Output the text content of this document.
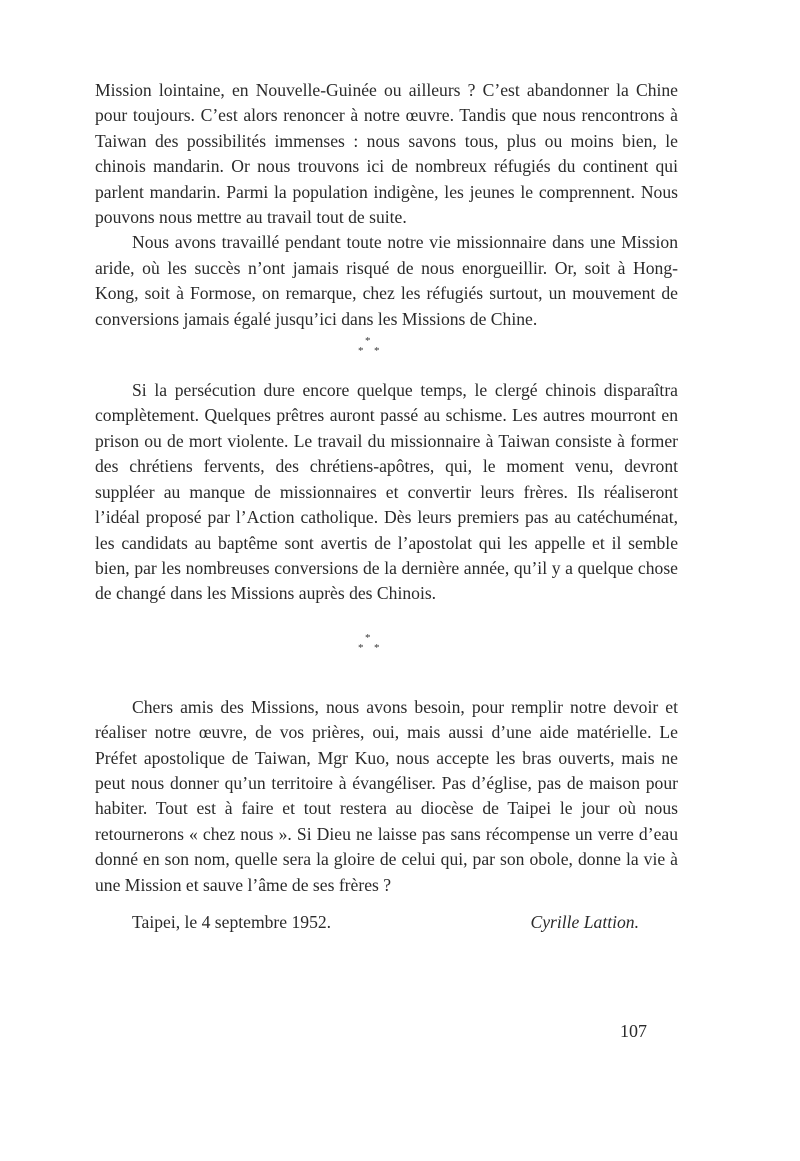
Mission lointaine, en Nouvelle-Guinée ou ailleurs ? C’est abandonner la Chine pour toujours. C’est alors renoncer à notre œuvre. Tandis que nous rencontrons à Taiwan des possibilités immenses : nous savons tous, plus ou moins bien, le chinois mandarin. Or nous trouvons ici de nombreux réfugiés du continent qui parlent mandarin. Parmi la population indigène, les jeunes le comprennent. Nous pouvons nous mettre au travail tout de suite.

Nous avons travaillé pendant toute notre vie missionnaire dans une Mission aride, où les succès n’ont jamais risqué de nous enorgueillir. Or, soit à Hong-Kong, soit à Formose, on remarque, chez les réfugiés surtout, un mouvement de conversions jamais égalé jusqu’ici dans les Missions de Chine.

*
* *

Si la persécution dure encore quelque temps, le clergé chinois disparaîtra complètement. Quelques prêtres auront passé au schisme. Les autres mourront en prison ou de mort violente. Le travail du missionnaire à Taiwan consiste à former des chrétiens fervents, des chrétiens-apôtres, qui, le moment venu, devront suppléer au manque de missionnaires et convertir leurs frères. Ils réaliseront l’idéal proposé par l’Action catholique. Dès leurs premiers pas au catéchuménat, les candidats au baptême sont avertis de l’apostolat qui les appelle et il semble bien, par les nombreuses conversions de la dernière année, qu’il y a quelque chose de changé dans les Missions auprès des Chinois.

*
* *

Chers amis des Missions, nous avons besoin, pour remplir notre devoir et réaliser notre œuvre, de vos prières, oui, mais aussi d’une aide matérielle. Le Préfet apostolique de Taiwan, Mgr Kuo, nous accepte les bras ouverts, mais ne peut nous donner qu’un territoire à évangéliser. Pas d’église, pas de maison pour habiter. Tout est à faire et tout restera au diocèse de Taipei le jour où nous retournerons « chez nous ». Si Dieu ne laisse pas sans récompense un verre d’eau donné en son nom, quelle sera la gloire de celui qui, par son obole, donne la vie à une Mission et sauve l’âme de ses frères ?

Taipei, le 4 septembre 1952.	Cyrille Lattion.
107
